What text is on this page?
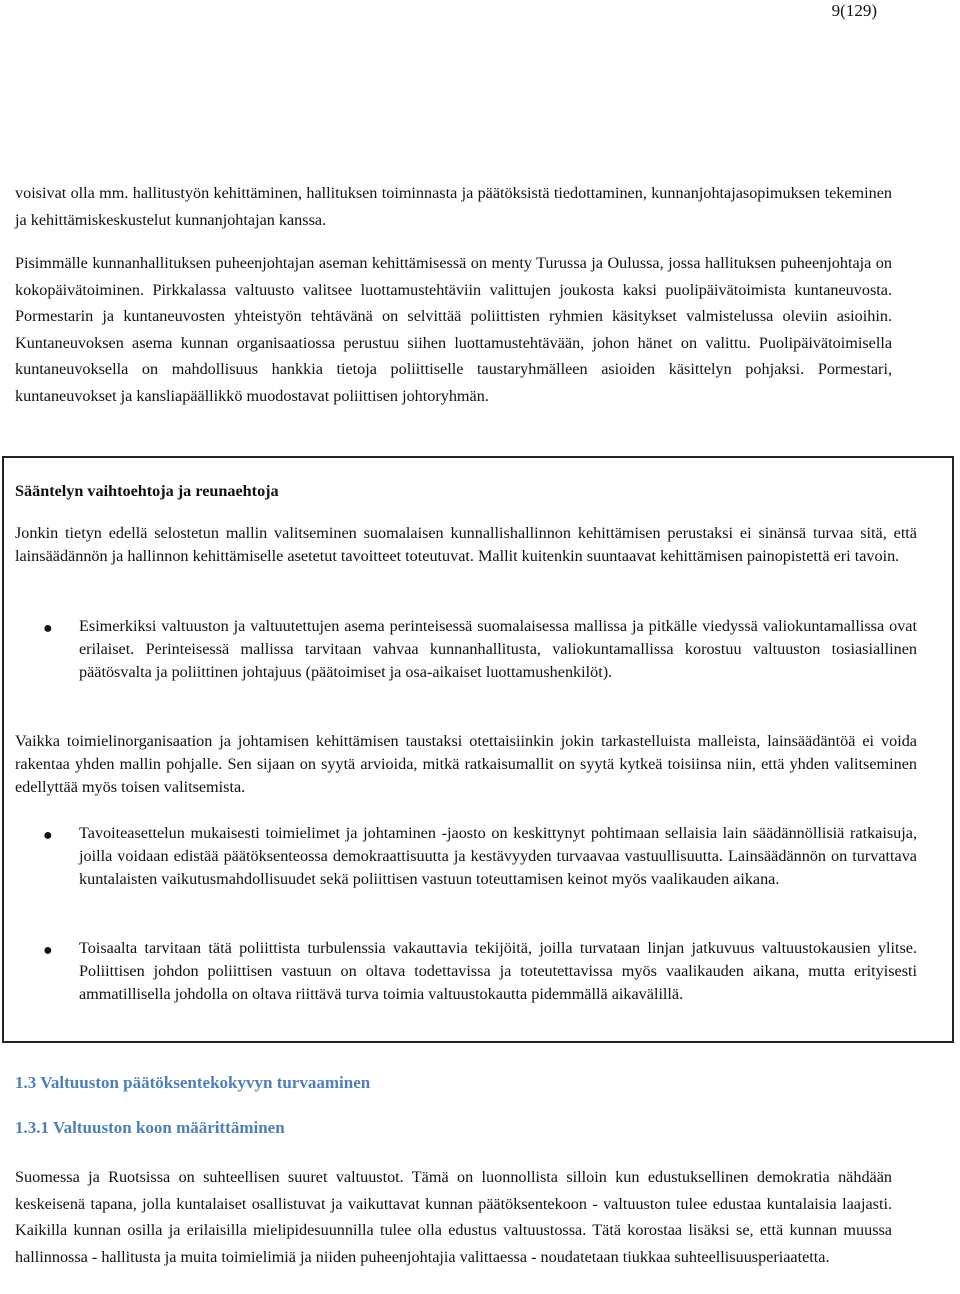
9(129)

voisivat olla mm. hallitustyön kehittäminen, hallituksen toiminnasta ja päätöksistä tiedottaminen, kunnanjohtajasopimuksen tekeminen ja kehittämiskeskustelut kunnanjohtajan kanssa.

Pisimmälle kunnanhallituksen puheenjohtajan aseman kehittämisessä on menty Turussa ja Oulussa, jossa hallituksen puheenjohtaja on kokopäivätoiminen. Pirkkalassa valtuusto valitsee luottamustehtäviin valittujen joukosta kaksi puolipäivätoimista kuntaneuvosta. Pormestarin ja kuntaneuvosten yhteistyön tehtävänä on selvittää poliittisten ryhmien käsitykset valmistelussa oleviin asioihin. Kuntaneuvoksen asema kunnan organisaatiossa perustuu siihen luottamustehtävään, johon hänet on valittu. Puolipäivätoimisella kuntaneuvoksella on mahdollisuus hankkia tietoja poliittiselle taustaryhmälleen asioiden käsittelyn pohjaksi. Pormestari, kuntaneuvokset ja kansliapäällikkö muodostavat poliittisen johtoryhmän.

Sääntelyn vaihtoehtoja ja reunaehtoja

Jonkin tietyn edellä selostetun mallin valitseminen suomalaisen kunnallishallinnon kehittämisen perustaksi ei sinänsä turvaa sitä, että lainsäädännön ja hallinnon kehittämiselle asetetut tavoitteet toteutuvat. Mallit kuitenkin suuntaavat kehittämisen painopistettä eri tavoin.

● Esimerkiksi valtuuston ja valtuutettujen asema perinteisessä suomalaisessa mallissa ja pitkälle viedyssä valiokuntamallissa ovat erilaiset. Perinteisessä mallissa tarvitaan vahvaa kunnanhallitusta, valiokuntamallissa korostuu valtuuston tosiasiallinen päätösvalta ja poliittinen johtajuus (päätoimiset ja osa-aikaiset luottamushenkilöt).

Vaikka toimielinorganisaation ja johtamisen kehittämisen taustaksi otettaisiinkin jokin tarkastelluista malleista, lainsäädäntöä ei voida rakentaa yhden mallin pohjalle. Sen sijaan on syytä arvioida, mitkä ratkaisumallit on syytä kytkeä toisiinsa niin, että yhden valitseminen edellyttää myös toisen valitsemista.

● Tavoiteasettelun mukaisesti toimielimet ja johtaminen -jaosto on keskittynyt pohtimaan sellaisia lain säädännöllisiä ratkaisuja, joilla voidaan edistää päätöksenteossa demokraattisuutta ja kestävyyden turvaavaa vastuullisuutta. Lainsäädännön on turvattava kuntalaisten vaikutusmahdollisuudet sekä poliittisen vastuun toteuttamisen keinot myös vaalikauden aikana.

● Toisaalta tarvitaan tätä poliittista turbulenssia vakauttavia tekijöitä, joilla turvataan linjan jatkuvuus valtuustokausien ylitse. Poliittisen johdon poliittisen vastuun on oltava todettavissa ja toteutettavissa myös vaalikauden aikana, mutta erityisesti ammatillisella johdolla on oltava riittävä turva toimia valtuustokautta pidemmällä aikavälillä.

1.3 Valtuuston päätöksentekokyvyn turvaaminen

1.3.1 Valtuuston koon määrittäminen

Suomessa ja Ruotsissa on suhteellisen suuret valtuustot. Tämä on luonnollista silloin kun edustuksellinen demokratia nähdään keskeisenä tapana, jolla kuntalaiset osallistuvat ja vaikuttavat kunnan päätöksentekoon - valtuuston tulee edustaa kuntalaisia laajasti. Kaikilla kunnan osilla ja erilaisilla mielipidesuunnilla tulee olla edustus valtuustossa. Tätä korostaa lisäksi se, että kunnan muussa hallinnossa - hallitusta ja muita toimielimiä ja niiden puheenjohtajia valittaessa - noudatetaan tiukkaa suhteellisuusperiaatetta.
